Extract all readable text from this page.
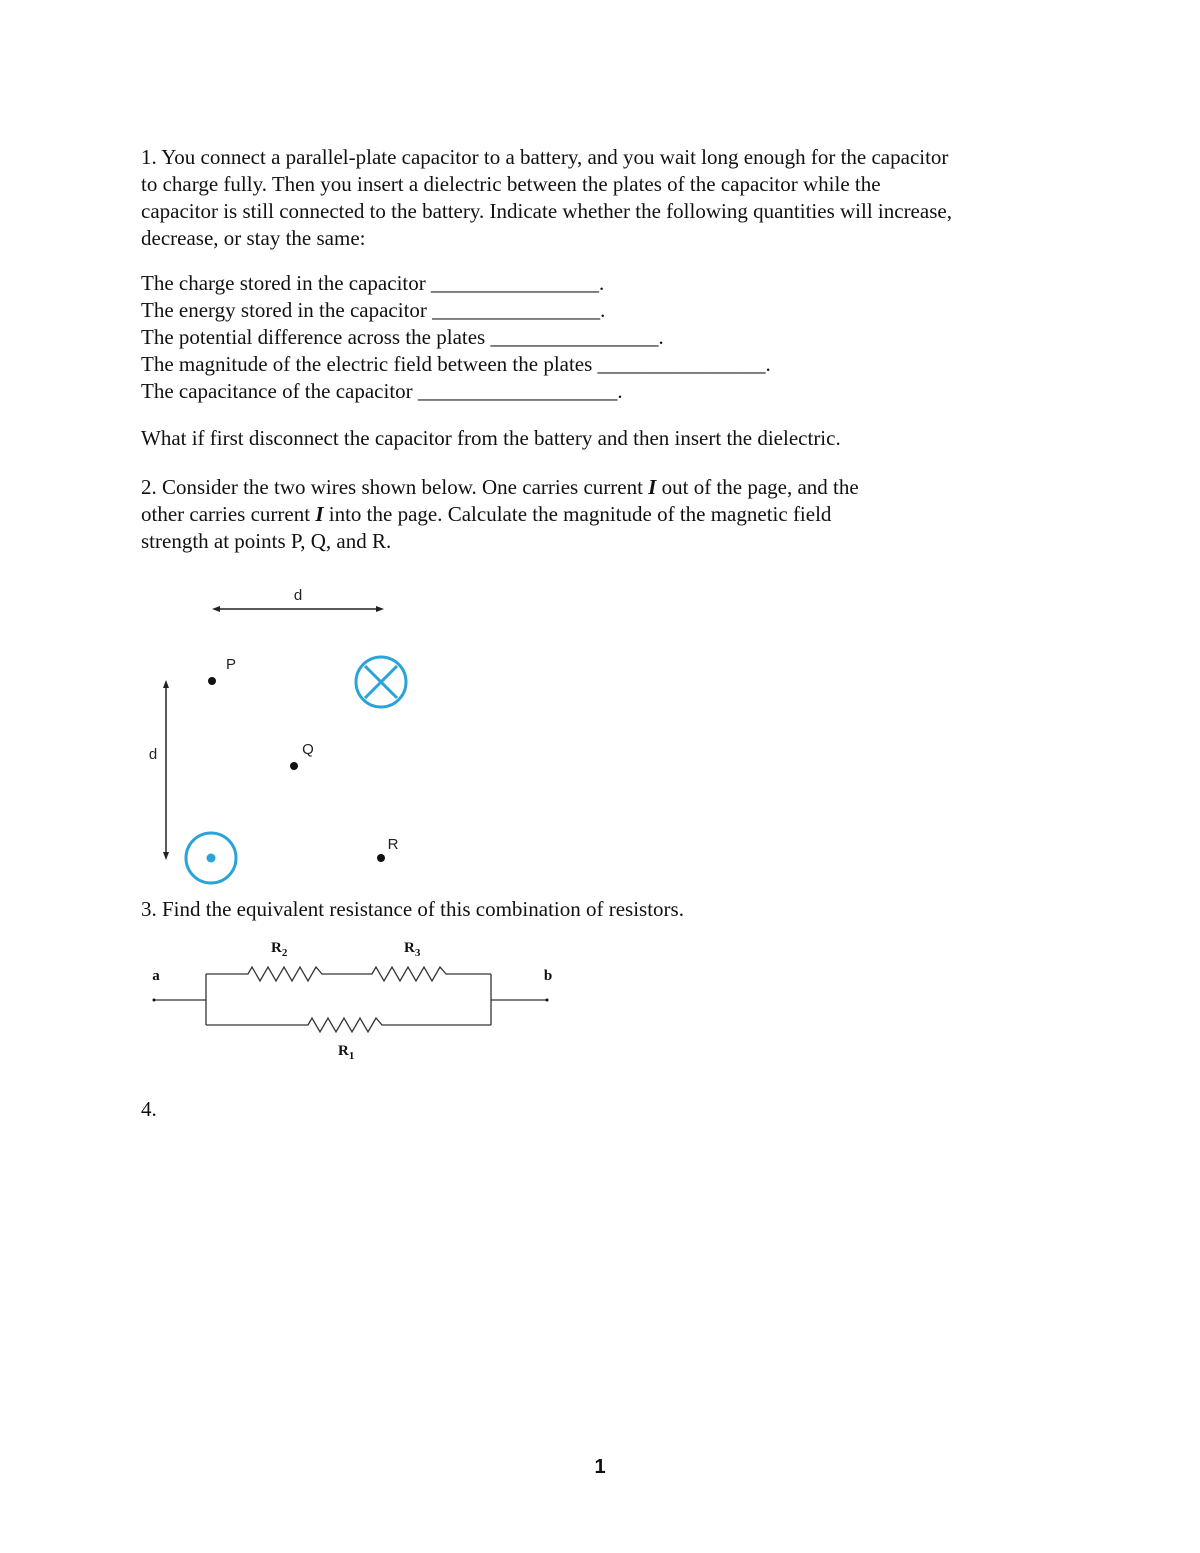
1. You connect a parallel-plate capacitor to a battery, and you wait long enough for the capacitor
to charge fully. Then you insert a dielectric between the plates of the capacitor while the
capacitor is still connected to the battery. Indicate whether the following quantities will increase,
decrease, or stay the same:
The charge stored in the capacitor ________________.
The energy stored in the capacitor ________________.
The potential difference across the plates ________________.
The magnitude of the electric field between the plates ________________.
The capacitance of the capacitor ___________________.

What if first disconnect the capacitor from the battery and then insert the dielectric.

2. Consider the two wires shown below. One carries current I out of the page, and the
other carries current I into the page. Calculate the magnitude of the magnetic field
strength at points P, Q, and R.
d
d
P
Q
R

3. Find the equivalent resistance of this combination of resistors.

a	b
$R_2$	$R_3$
$R_1$

4.

1
